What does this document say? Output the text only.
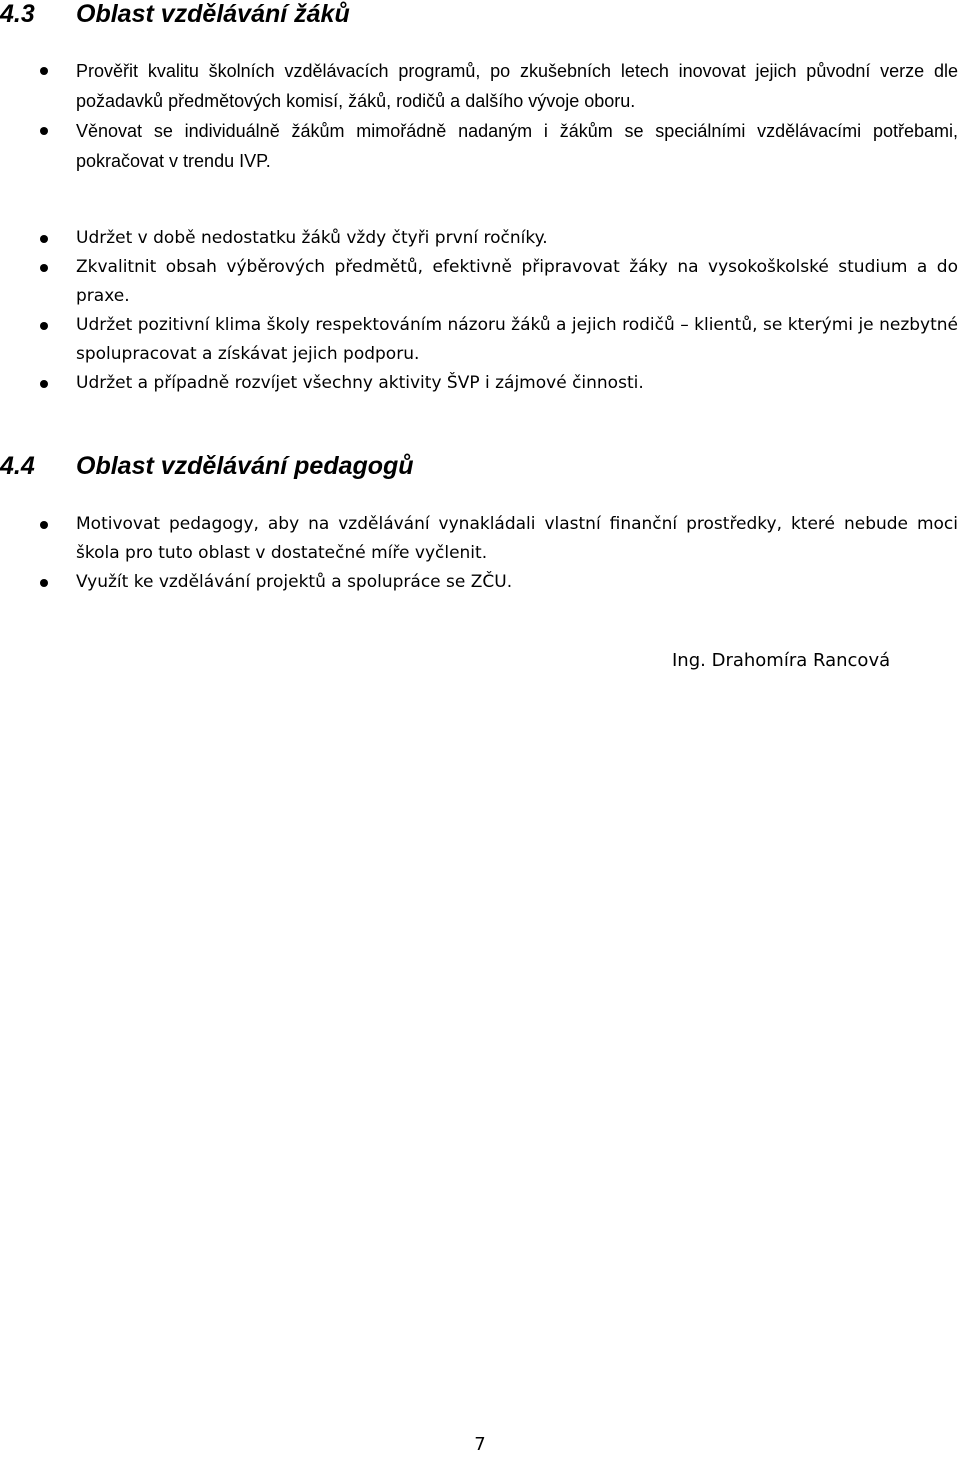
4.3 Oblast vzdělávání žáků
Prověřit kvalitu školních vzdělávacích programů, po zkušebních letech inovovat jejich původní verze dle požadavků předmětových komisí, žáků, rodičů a dalšího vývoje oboru.
Věnovat se individuálně žákům mimořádně nadaným i žákům se speciálními vzdělávacími potřebami, pokračovat v trendu IVP.
Udržet v době nedostatku žáků vždy čtyři první ročníky.
Zkvalitnit obsah výběrových předmětů, efektivně připravovat žáky na vysokoškolské studium a do praxe.
Udržet pozitivní klima školy respektováním názoru žáků a jejich rodičů – klientů, se kterými je nezbytné spolupracovat a získávat jejich podporu.
Udržet a případně rozvíjet všechny aktivity ŠVP i zájmové činnosti.
4.4 Oblast vzdělávání pedagogů
Motivovat pedagogy, aby na vzdělávání vynakládali vlastní finanční prostředky, které nebude moci škola pro tuto oblast v dostatečné míře vyčlenit.
Využít ke vzdělávání projektů a spolupráce se ZČU.

Ing. Drahomíra Rancová

7
